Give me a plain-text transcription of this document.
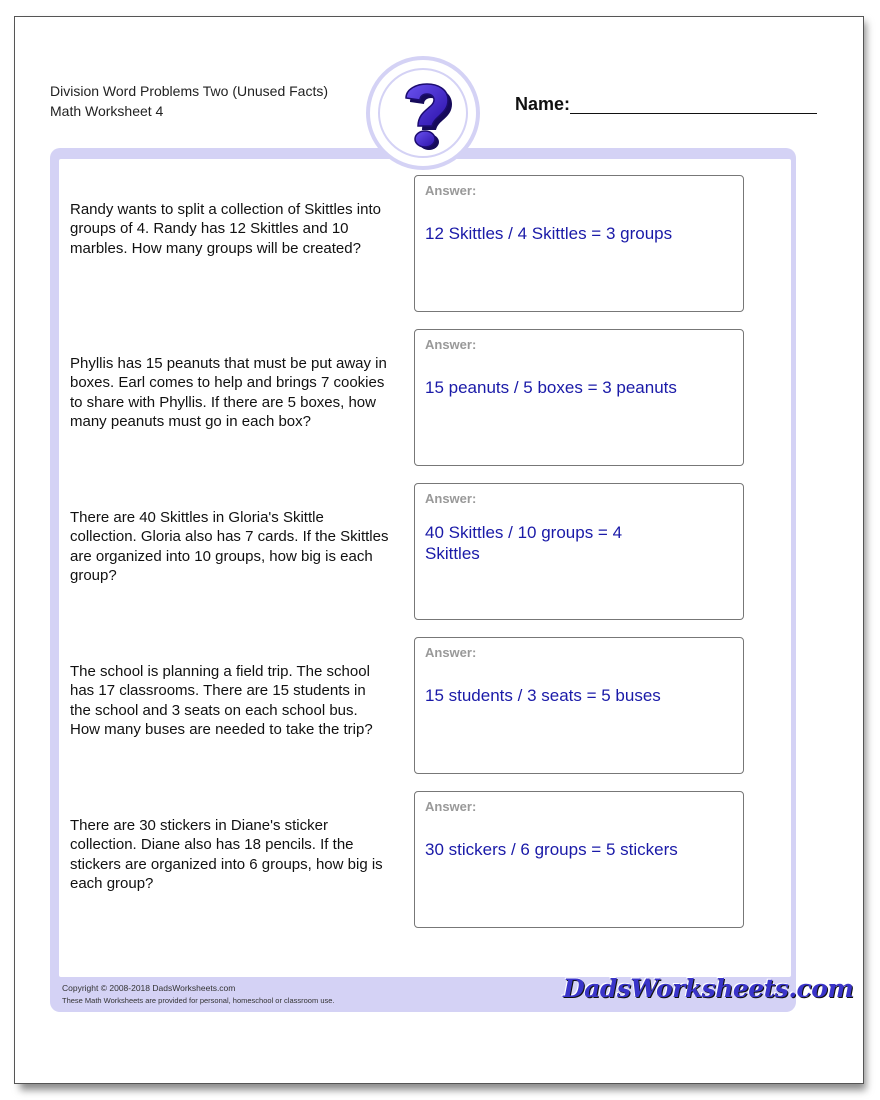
Division Word Problems Two (Unused Facts)
Math Worksheet 4	Name:
Randy wants to split a collection of Skittles into groups of 4. Randy has 12 Skittles and 10 marbles. How many groups will be created?
Answer:
12 Skittles / 4 Skittles = 3 groups
Phyllis has 15 peanuts that must be put away in boxes. Earl comes to help and brings 7 cookies to share with Phyllis. If there are 5 boxes, how many peanuts must go in each box?
Answer:
15 peanuts / 5 boxes = 3 peanuts
There are 40 Skittles in Gloria's Skittle collection. Gloria also has 7 cards. If the Skittles are organized into 10 groups, how big is each group?
Answer:
40 Skittles / 10 groups = 4 Skittles
The school is planning a field trip. The school has 17 classrooms. There are 15 students in the school and 3 seats on each school bus. How many buses are needed to take the trip?
Answer:
15 students / 3 seats = 5 buses
There are 30 stickers in Diane's sticker collection. Diane also has 18 pencils. If the stickers are organized into 6 groups, how big is each group?
Answer:
30 stickers / 6 groups = 5 stickers
Copyright © 2008-2018 DadsWorksheets.com
These Math Worksheets are provided for personal, homeschool or classroom use.	DadsWorksheets.com
